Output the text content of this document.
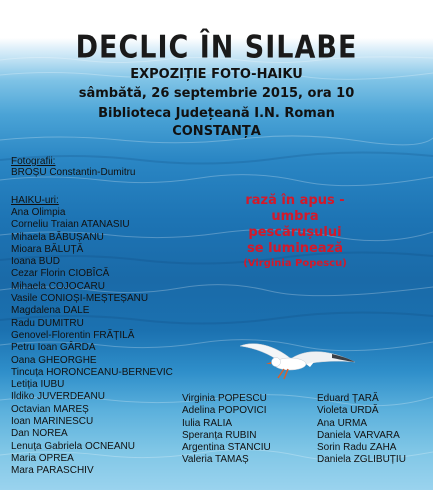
DECLIC ÎN SILABE
EXPOZIȚIE FOTO-HAIKU
sâmbătă, 26 septembrie 2015, ora 10
Biblioteca Județeană I.N. Roman
CONSTANȚA
Fotografii:
BROȘU Constantin-Dumitru
HAIKU-uri:
Ana Olimpia
Corneliu Traian ATANASIU
Mihaela BĂBUȘANU
Mioara BĂLUȚĂ
Ioana BUD
Cezar Florin CIOBÎCĂ
Mihaela COJOCARU
Vasile CONIOȘI-MEȘTEȘANU
Magdalena DALE
Radu DUMITRU
Genovel-Florentin FRĂȚILĂ
Petru Ioan GÂRDA
Oana GHEORGHE
Tincuța HORONCEANU-BERNEVIC
Letiția IUBU
Ildiko JUVERDEANU
Octavian MAREȘ
Ioan MARINESCU
Dan NOREA
Lenuța Gabriela OCNEANU
Maria OPREA
Mara PARASCHIV
Virginia POPESCU
Adelina POPOVICI
Iulia RALIA
Speranța RUBIN
Argentina STANCIU
Valeria TAMAȘ
Eduard ȚARĂ
Violeta URDĂ
Ana URMA
Daniela VARVARA
Sorin Radu ZAHA
Daniela ZGLIBUȚIU
rază în apus -
umbra pescărușului
se luminează
(Virginia Popescu)
